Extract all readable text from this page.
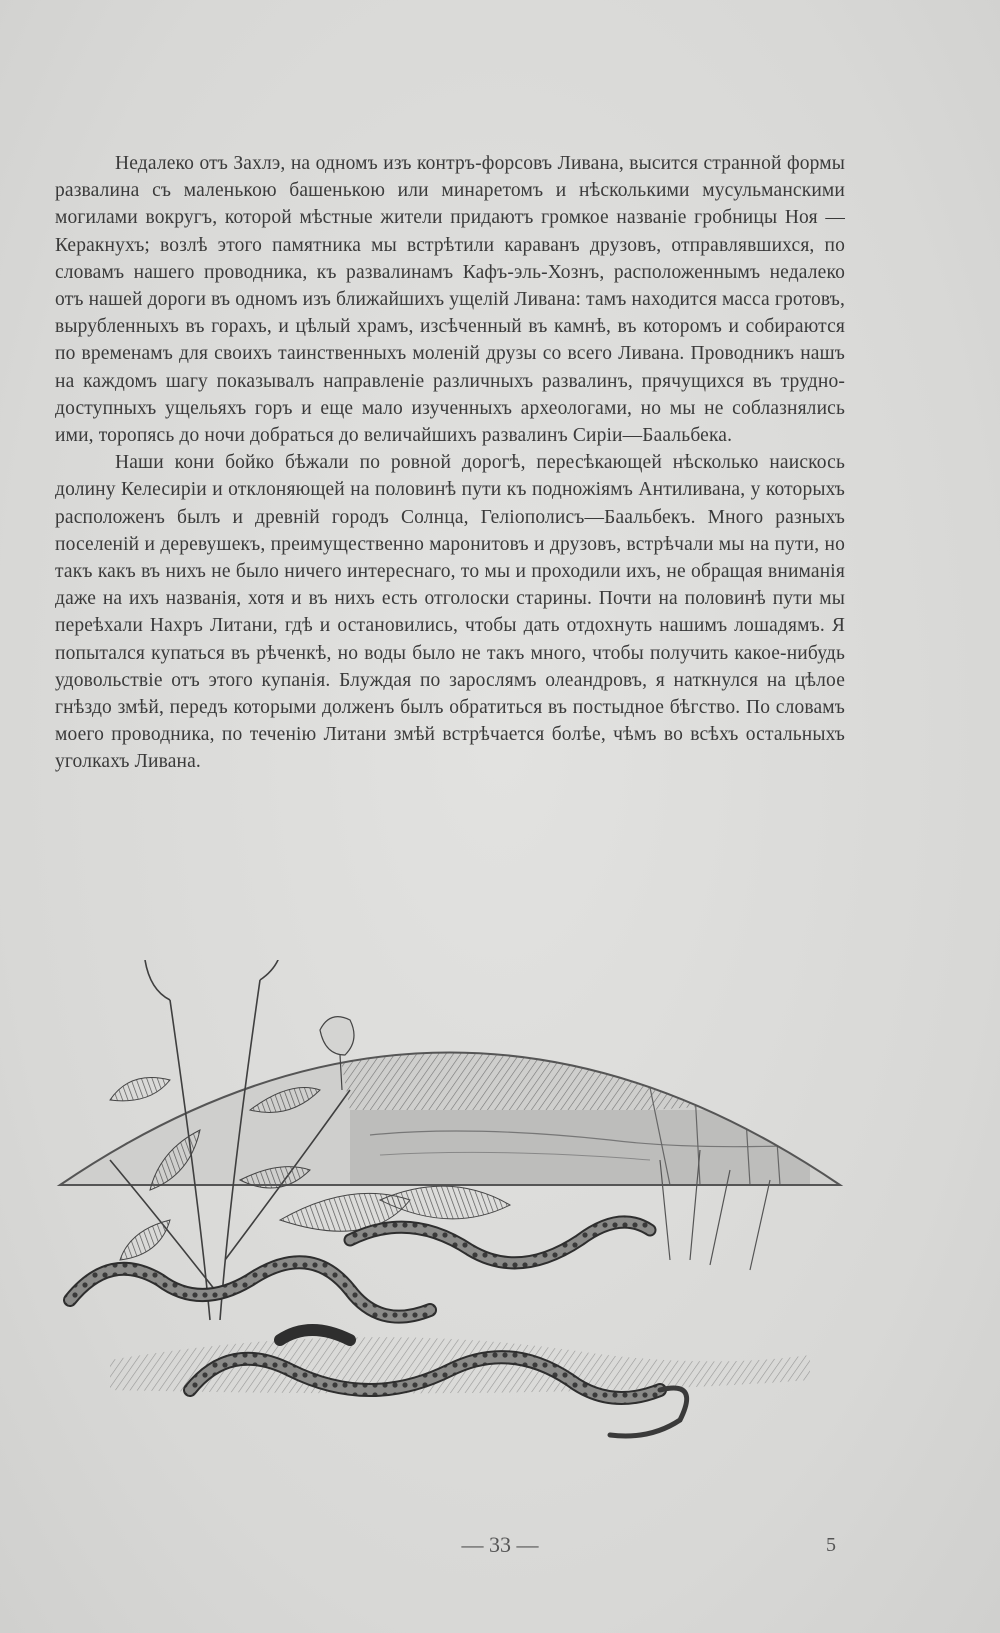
Недалеко отъ Захлэ, на одномъ изъ контръ-форсовъ Ливана, высится странной формы развалина съ маленькою башенькою или минаретомъ и нѣсколькими мусульманскими могилами вокругъ, которой мѣстные жители придаютъ громкое названіе гробницы Ноя — Керакнухъ; возлѣ этого памятника мы встрѣтили караванъ друзовъ, отправлявшихся, по словамъ нашего проводника, къ развалинамъ Кафъ-эль-Хознъ, расположеннымъ недалеко отъ нашей дороги въ одномъ изъ ближайшихъ ущелій Ливана: тамъ находится масса гротовъ, вырубленныхъ въ горахъ, и цѣлый храмъ, изсѣченный въ камнѣ, въ которомъ и собираются по временамъ для своихъ таинственныхъ моленій друзы со всего Ливана. Проводникъ нашъ на каждомъ шагу показывалъ направленіе различныхъ развалинъ, прячущихся въ трудно-доступныхъ ущельяхъ горъ и еще мало изученныхъ археологами, но мы не соблазнялись ими, торопясь до ночи добраться до величайшихъ развалинъ Сиріи—Баальбека.

Наши кони бойко бѣжали по ровной дорогѣ, пересѣкающей нѣсколько наискось долину Келесиріи и отклоняющей на половинѣ пути къ подножіямъ Антиливана, у которыхъ расположенъ былъ и древній городъ Солнца, Геліополисъ—Баальбекъ. Много разныхъ поселеній и деревушекъ, преимущественно маронитовъ и друзовъ, встрѣчали мы на пути, но такъ какъ въ нихъ не было ничего интереснаго, то мы и проходили ихъ, не обращая вниманія даже на ихъ названія, хотя и въ нихъ есть отголоски старины. Почти на половинѣ пути мы переѣхали Нахръ Литани, гдѣ и остановились, чтобы дать отдохнуть нашимъ лошадямъ. Я попытался купаться въ рѣченкѣ, но воды было не такъ много, чтобы получить какое-нибудь удовольствіе отъ этого купанія. Блуждая по зарослямъ олеандровъ, я наткнулся на цѣлое гнѣздо змѣй, передъ которыми долженъ былъ обратиться въ постыдное бѣгство. По словамъ моего проводника, по теченію Литани змѣй встрѣчается болѣе, чѣмъ во всѣхъ остальныхъ уголкахъ Ливана.

— 33 —	5
